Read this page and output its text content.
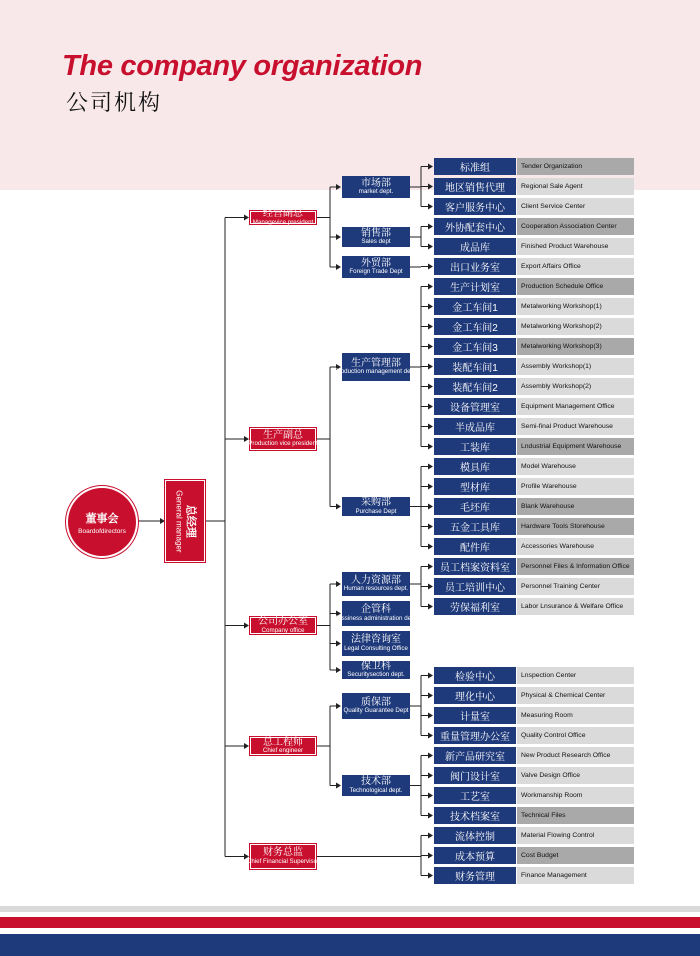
The company organization
公司机构
董事会
Boardofdirectors	总经理
General manager
经营副总
Managevice president
生产副总
Production vice president
公司办公室
Company office
总工程师
Chief engineer
财务总监
Chief Financial Supervisor
市场部
market dept.
销售部
Sales dept
外贸部
Foreign Trade Dept
生产管理部
Production management dept.
采购部
Purchase Dept
人力资源部
Human resources dept.
企管科
Bussiness administration dept.
法律咨询室
Legal Consulting Office
保卫科
Securitysection dept.
质保部
Quality Guarantee Dept
技术部
Technological dept.
标准组	Tender Organization
地区销售代理	Regional Sale Agent
客户服务中心	Client Service Center
外协配套中心	Cooperation Association Center
成品库	Finished Product Warehouse
出口业务室	Export Affairs Office
生产计划室	Production Schedule Office
金工车间1	Metalworking Workshop(1)
金工车间2	Metalworking Workshop(2)
金工车间3	Metalworking Workshop(3)
装配车间1	Assembly Workshop(1)
装配车间2	Assembly Workshop(2)
设备管理室	Equipment Management Office
半成品库	Semi-final Product Warehouse
工装库	Lndustrial Equipment Warehouse
模具库	Model Warehouse
型材库	Profile Warehouse
毛坯库	Blank Warehouse
五金工具库	Hardware Tools Storehouse
配件库	Accessories Warehouse
员工档案资料室	Personnel Files & Information Office
员工培训中心	Personnel Training Center
劳保福利室	Labor Lnsurance & Welfare Office
检验中心	Lnspection Center
理化中心	Physical & Chemical Center
计量室	Measuring Room
重量管理办公室	Quality Control Office
新产品研究室	New Product Research Office
阀门设计室	Valve Design Office
工艺室	Workmanship Room
技术档案室	Technical Files
流体控制	Material Flowing Control
成本预算	Cost Budget
财务管理	Finance Management
